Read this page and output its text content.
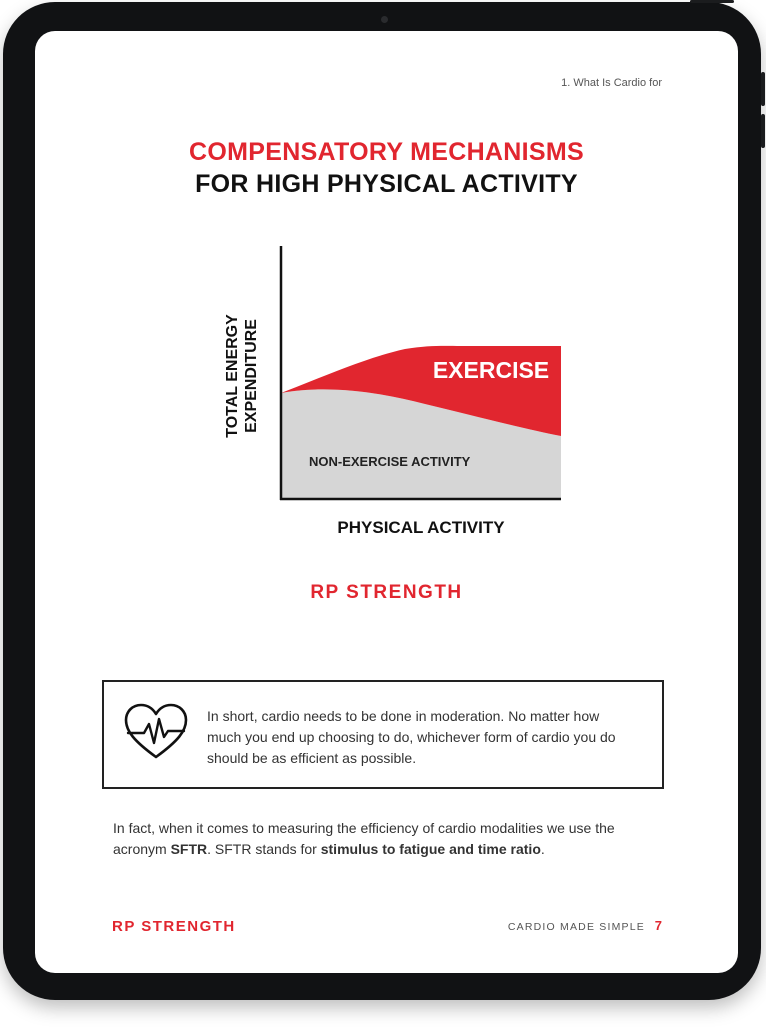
1. What Is Cardio for
COMPENSATORY MECHANISMS
FOR HIGH PHYSICAL ACTIVITY
EXERCISE
NON-EXERCISE ACTIVITY
PHYSICAL ACTIVITY
TOTAL ENERGY EXPENDITURE
RP STRENGTH
In short, cardio needs to be done in moderation. No matter how much you end up choosing to do, whichever form of cardio you do should be as efficient as possible.
In fact, when it comes to measuring the efficiency of cardio modalities we use the acronym SFTR. SFTR stands for stimulus to fatigue and time ratio.
RP STRENGTH	CARDIO MADE SIMPLE 7
